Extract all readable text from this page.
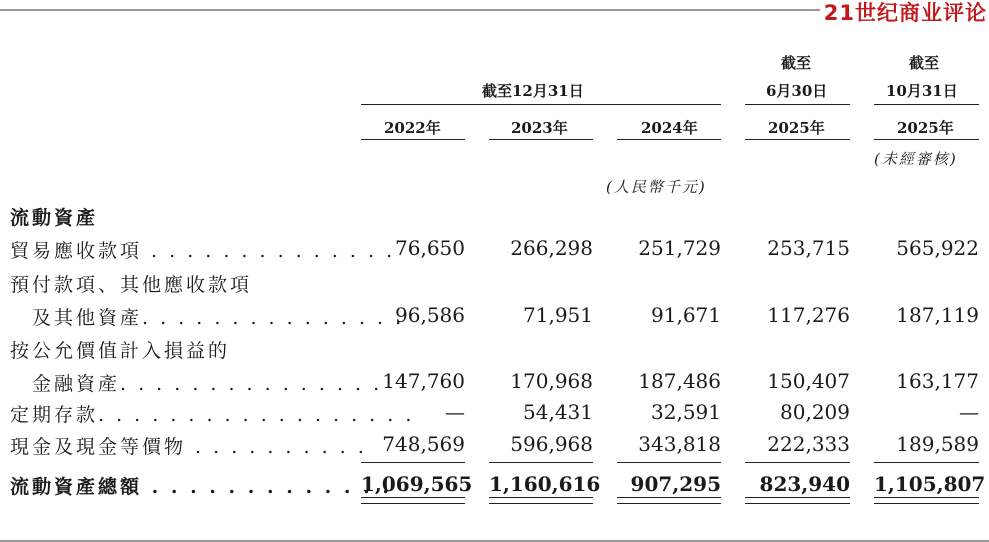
21世纪商业评论
截至12月31日
截至
6月30日
截至
10月31日
2022年	2023年	2024年	2025年	2025年
(未經審核)
(人民幣千元)
流動資產
貿易應收款項 . . . . . . . . . . . . . . 76,650	266,298	251,729	253,715	565,922
預付款項、其他應收款項
　及其他資產. . . . . . . . . . . . . . .
96,586	71,951	91,671	117,276	187,119
按公允價值計入損益的
　金融資產. . . . . . . . . . . . . . . 147,760	170,968	187,486	150,407	163,177
定期存款. . . . . . . . . . . . . . . . . .	—	54,431	32,591	80,209	—
現金及現金等價物 . . . . . . . . . . 748,569	596,968	343,818	222,333	189,589
流動資產總額 . . . . . . . . . . . . .
1,069,565 1,160,616	907,295	823,940 1,105,807
